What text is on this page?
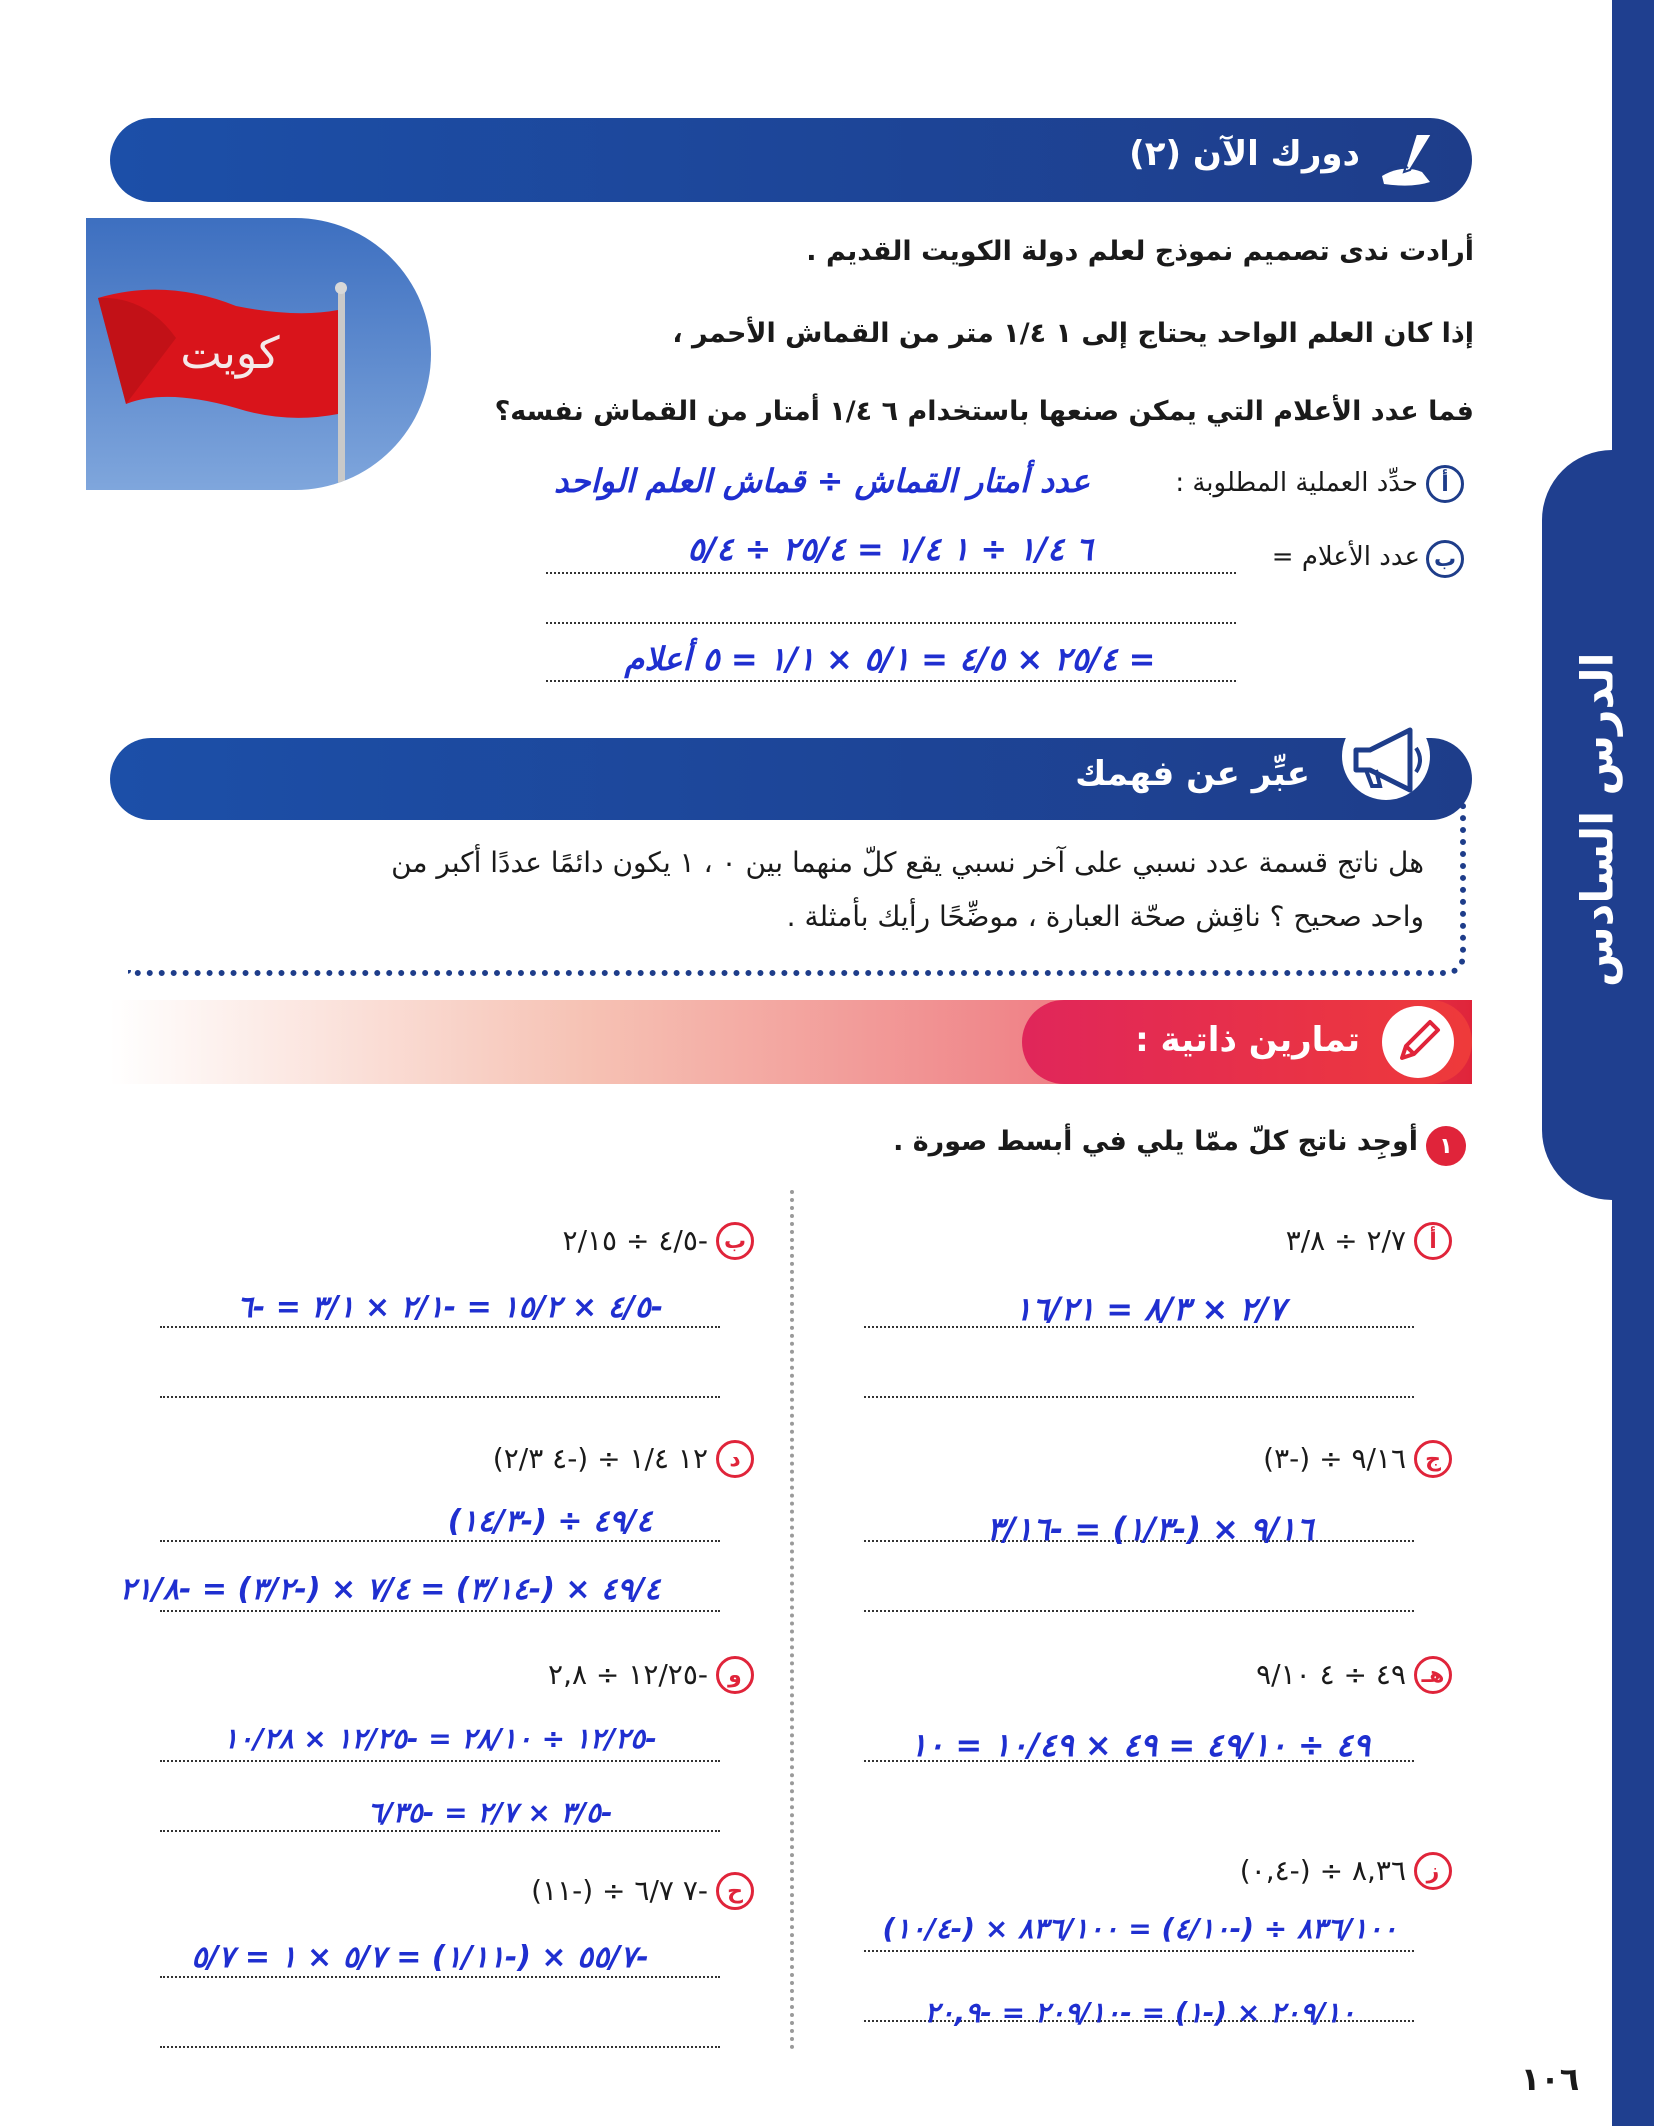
الدرس السادس
دورك الآن (٢)
كويت
أرادت ندى تصميم نموذج لعلم دولة الكويت القديم .
إذا كان العلم الواحد يحتاج إلى ١ ١/٤ متر من القماش الأحمر ،
فما عدد الأعلام التي يمكن صنعها باستخدام ٦ ١/٤ أمتار من القماش نفسه؟
أ
حدِّد العملية المطلوبة :
عدد أمتار القماش ÷ قماش العلم الواحد
ب
عدد الأعلام =
٦ ١/٤ ÷ ١ ١/٤ = ٢٥/٤ ÷ ٥/٤
= ٢٥/٤ × ٤/٥ = ٥/١ × ١/١ = ٥ أعلام
عبِّر عن فهمك
هل ناتج قسمة عدد نسبي على آخر نسبي يقع كلّ منهما بين ٠ ، ١ يكون دائمًا عددًا أكبر من
واحد صحيح ؟ ناقِش صحّة العبارة ، موضِّحًا رأيك بأمثلة .
تمارين ذاتية :
١
أوجِد ناتج كلّ ممّا يلي في أبسط صورة .
أ
٢/٧ ÷ ٣/٨
٢/٧ × ٨/٣ = ١٦/٢١
ج
٩/١٦ ÷ (-٣)
٩/١٦ × (-١/٣) = -٣/١٦
هـ
٤٩ ÷ ٤ ٩/١٠
٤٩ ÷ ٤٩/١٠ = ٤٩ × ١٠/٤٩ = ١٠
ز
٨,٣٦ ÷ (-٠,٤)
٨٣٦/١٠٠ ÷ (-٤/١٠) = ٨٣٦/١٠٠ × (-١٠/٤)
٢٠٩/١٠ × (-١) = -٢٠٩/١٠ = -٢٠,٩
ب
-٤/٥ ÷ ٢/١٥
-٤/٥ × ١٥/٢ = -٢/١ × ٣/١ = -٦
د
١٢ ١/٤ ÷ (-٤ ٢/٣)
٤٩/٤ ÷ (-١٤/٣)
٤٩/٤ × (-٣/١٤) = ٧/٤ × (-٣/٢) = -٢١/٨
و
-١٢/٢٥ ÷ ٢,٨
-١٢/٢٥ ÷ ٢٨/١٠ = -١٢/٢٥ × ١٠/٢٨
-٣/٥ × ٢/٧ = -٦/٣٥
ح
-٧ ٦/٧ ÷ (-١١)
-٥٥/٧ × (-١/١١) = ٥/٧ × ١ = ٥/٧
١٠٦
